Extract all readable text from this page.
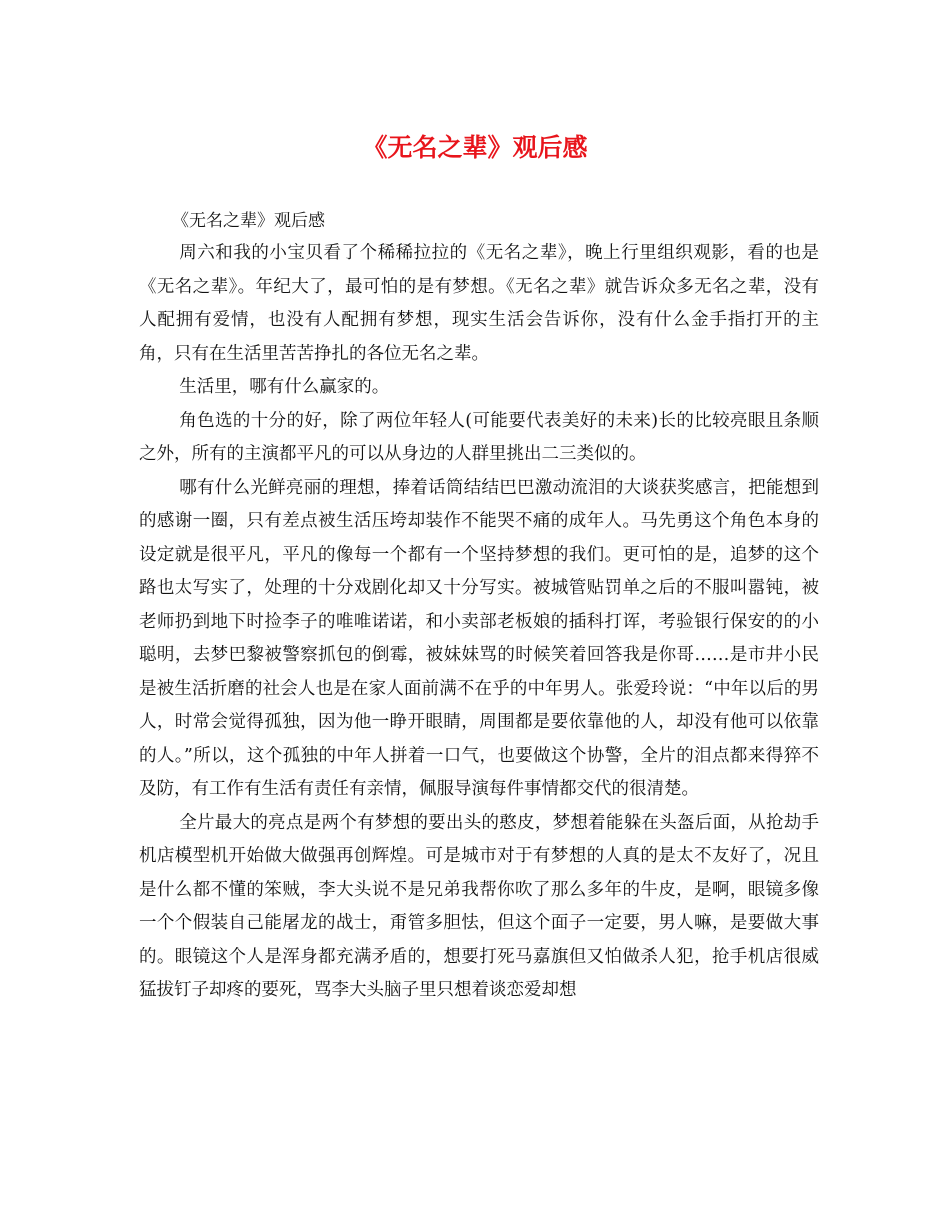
《无名之辈》观后感
《无名之辈》观后感

周六和我的小宝贝看了个稀稀拉拉的《无名之辈》，晚上行里组织观影，看的也是《无名之辈》。年纪大了，最可怕的是有梦想。《无名之辈》就告诉众多无名之辈，没有人配拥有爱情，也没有人配拥有梦想，现实生活会告诉你，没有什么金手指打开的主角，只有在生活里苦苦挣扎的各位无名之辈。

生活里，哪有什么赢家的。

角色选的十分的好，除了两位年轻人(可能要代表美好的未来)长的比较亮眼且条顺之外，所有的主演都平凡的可以从身边的人群里挑出二三类似的。

哪有什么光鲜亮丽的理想，捧着话筒结结巴巴激动流泪的大谈获奖感言，把能想到的感谢一圈，只有差点被生活压垮却装作不能哭不痛的成年人。马先勇这个角色本身的设定就是很平凡，平凡的像每一个都有一个坚持梦想的我们。更可怕的是，追梦的这个路也太写实了，处理的十分戏剧化却又十分写实。被城管贴罚单之后的不服叫嚣钝，被老师扔到地下时捡李子的唯唯诺诺，和小卖部老板娘的插科打诨，考验银行保安的的小聪明，去梦巴黎被警察抓包的倒霉，被妹妹骂的时候笑着回答我是你哥……是市井小民是被生活折磨的社会人也是在家人面前满不在乎的中年男人。张爱玲说：“中年以后的男人，时常会觉得孤独，因为他一睁开眼睛，周围都是要依靠他的人，却没有他可以依靠的人。”所以，这个孤独的中年人拼着一口气，也要做这个协警，全片的泪点都来得猝不及防，有工作有生活有责任有亲情，佩服导演每件事情都交代的很清楚。

全片最大的亮点是两个有梦想的要出头的憨皮，梦想着能躲在头盔后面，从抢劫手机店模型机开始做大做强再创辉煌。可是城市对于有梦想的人真的是太不友好了，况且是什么都不懂的笨贼，李大头说不是兄弟我帮你吹了那么多年的牛皮，是啊，眼镜多像一个个假装自己能屠龙的战士，甭管多胆怯，但这个面子一定要，男人嘛，是要做大事的。眼镜这个人是浑身都充满矛盾的，想要打死马嘉旗但又怕做杀人犯，抢手机店很威猛拔钉子却疼的要死，骂李大头脑子里只想着谈恋爱却想
